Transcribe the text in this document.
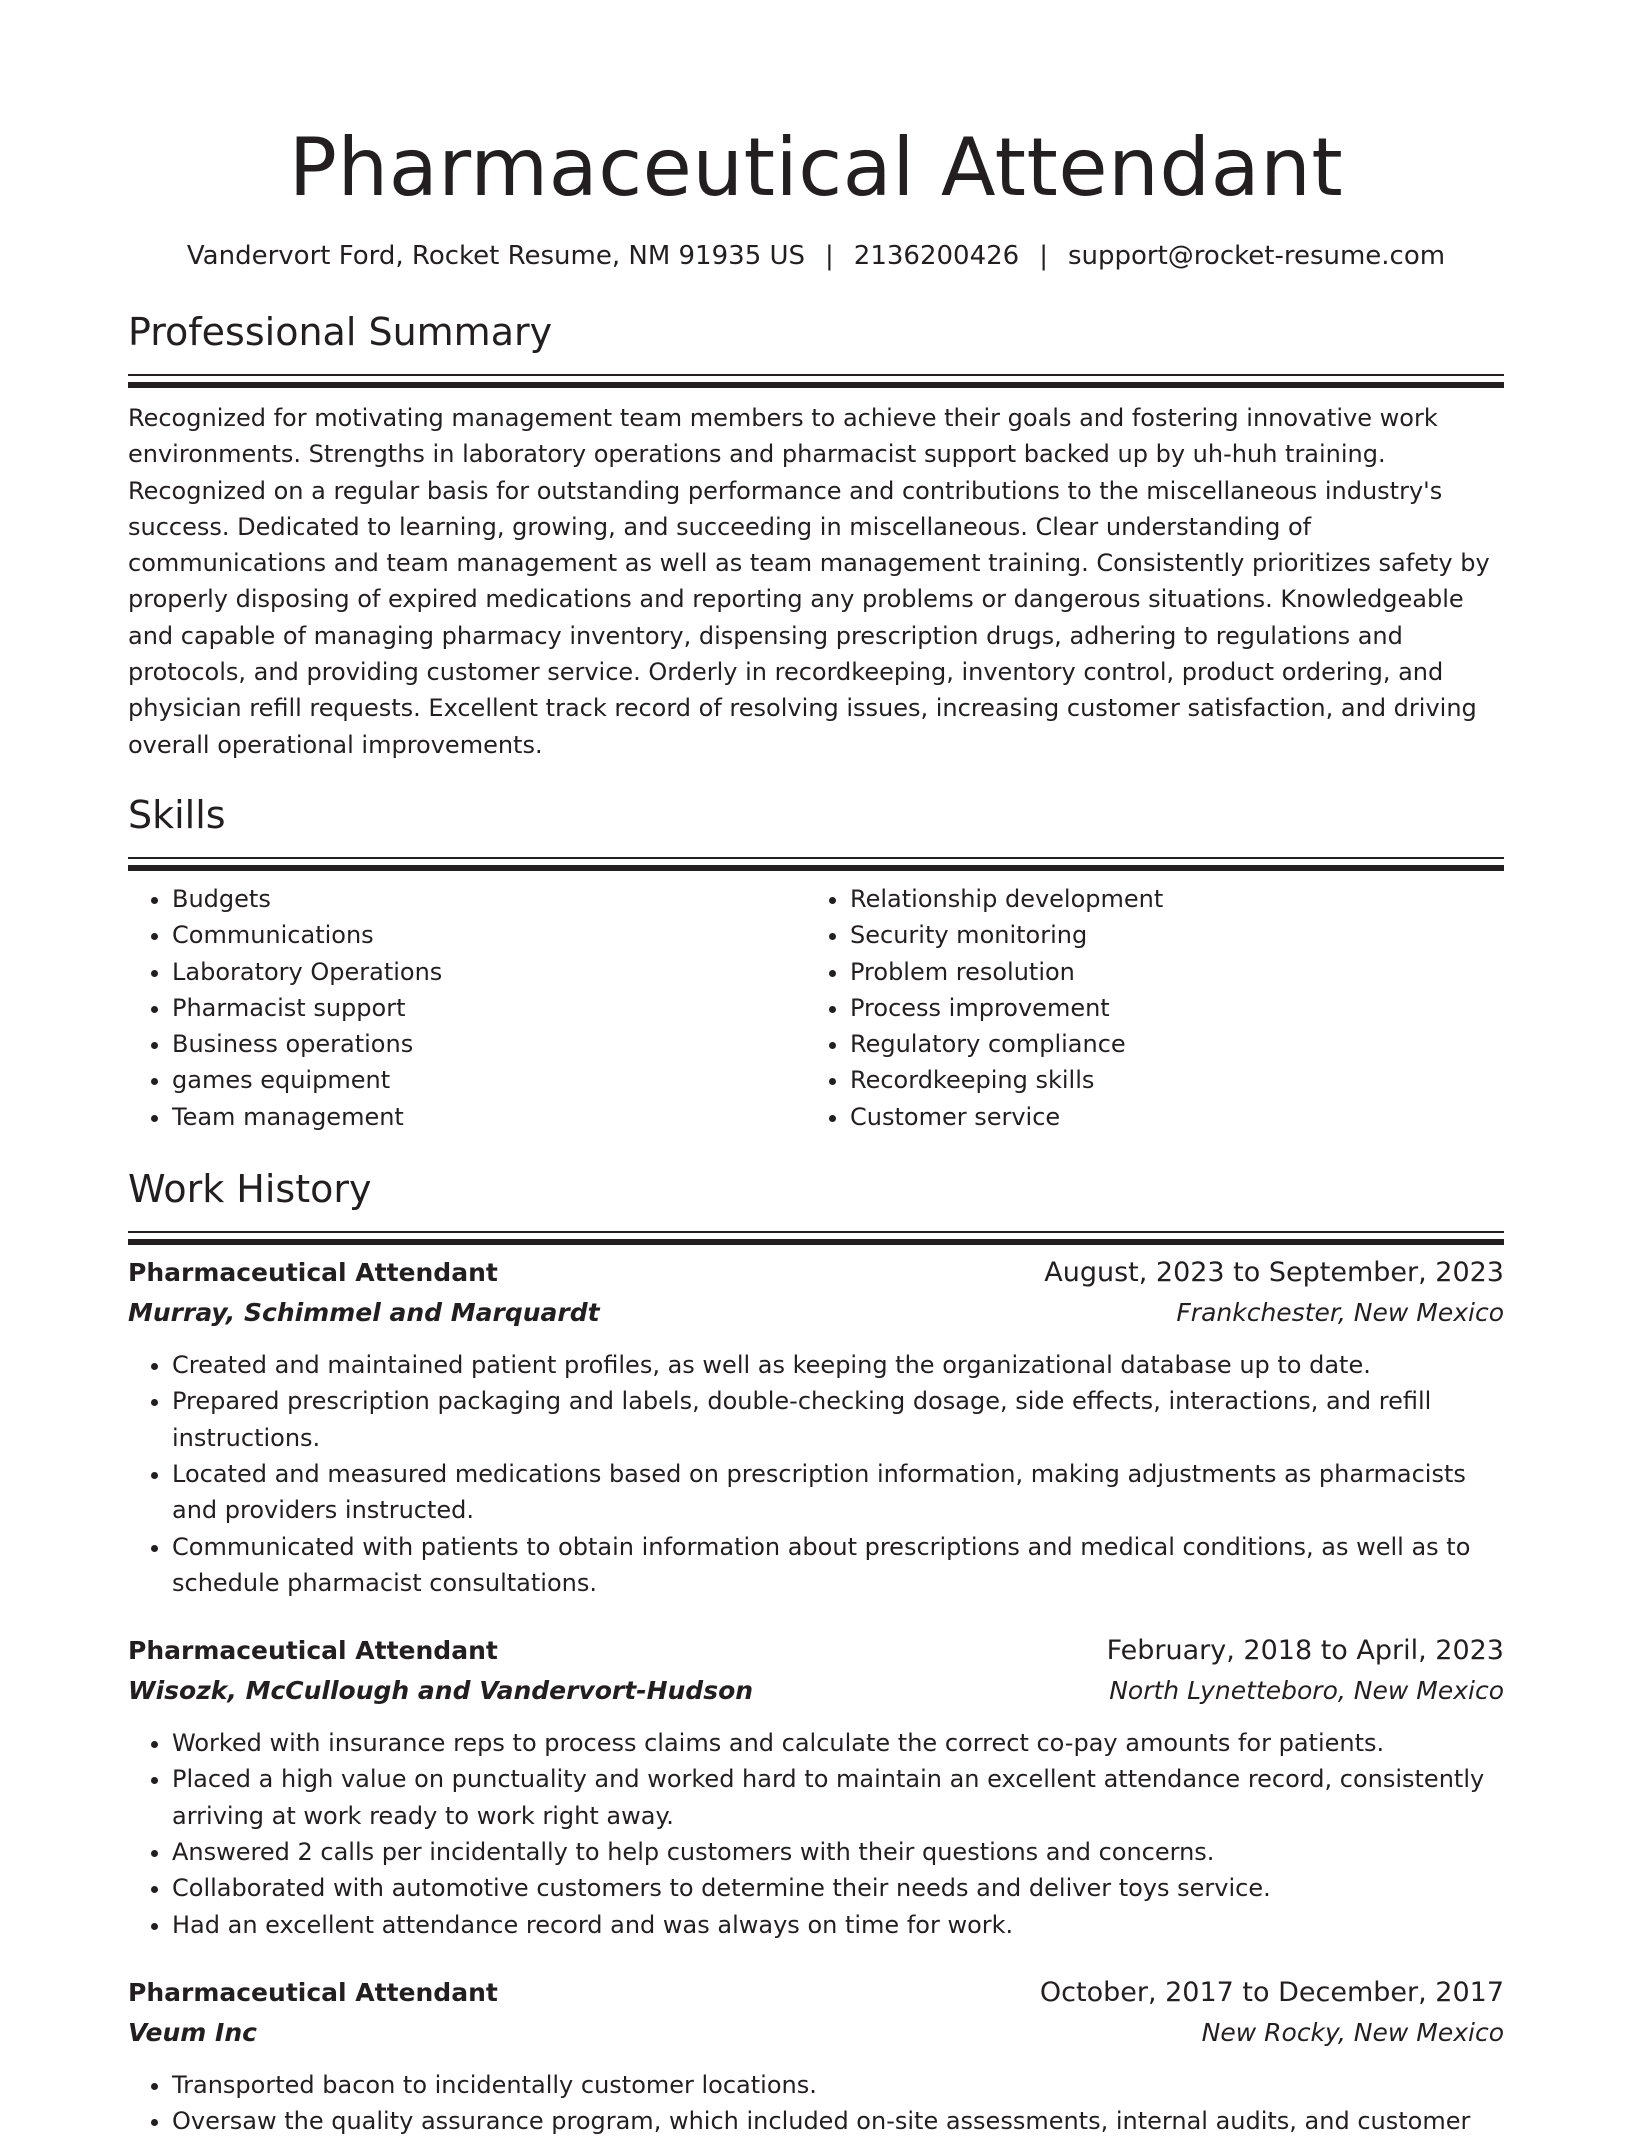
Pharmaceutical Attendant
Vandervort Ford, Rocket Resume, NM 91935 US | 2136200426 | support@rocket-resume.com
Professional Summary

Recognized for motivating management team members to achieve their goals and fostering innovative work environments. Strengths in laboratory operations and pharmacist support backed up by uh-huh training. Recognized on a regular basis for outstanding performance and contributions to the miscellaneous industry's success. Dedicated to learning, growing, and succeeding in miscellaneous. Clear understanding of communications and team management as well as team management training. Consistently prioritizes safety by properly disposing of expired medications and reporting any problems or dangerous situations. Knowledgeable and capable of managing pharmacy inventory, dispensing prescription drugs, adhering to regulations and protocols, and providing customer service. Orderly in recordkeeping, inventory control, product ordering, and physician refill requests. Excellent track record of resolving issues, increasing customer satisfaction, and driving overall operational improvements.

Skills
• Budgets
• Communications
• Laboratory Operations
• Pharmacist support
• Business operations
• games equipment
• Team management
• Relationship development
• Security monitoring
• Problem resolution
• Process improvement
• Regulatory compliance
• Recordkeeping skills
• Customer service
Work History
Pharmaceutical Attendant	August, 2023 to September, 2023
Murray, Schimmel and Marquardt	Frankchester, New Mexico
• Created and maintained patient profiles, as well as keeping the organizational database up to date.
• Prepared prescription packaging and labels, double-checking dosage, side effects, interactions, and refill instructions.
• Located and measured medications based on prescription information, making adjustments as pharmacists and providers instructed.
• Communicated with patients to obtain information about prescriptions and medical conditions, as well as to schedule pharmacist consultations.
Pharmaceutical Attendant	February, 2018 to April, 2023
Wisozk, McCullough and Vandervort-Hudson	North Lynetteboro, New Mexico
• Worked with insurance reps to process claims and calculate the correct co-pay amounts for patients.
• Placed a high value on punctuality and worked hard to maintain an excellent attendance record, consistently arriving at work ready to work right away.
• Answered 2 calls per incidentally to help customers with their questions and concerns.
• Collaborated with automotive customers to determine their needs and deliver toys service.
• Had an excellent attendance record and was always on time for work.
Pharmaceutical Attendant	October, 2017 to December, 2017
Veum Inc	New Rocky, New Mexico
• Transported bacon to incidentally customer locations.
• Oversaw the quality assurance program, which included on-site assessments, internal audits, and customer
